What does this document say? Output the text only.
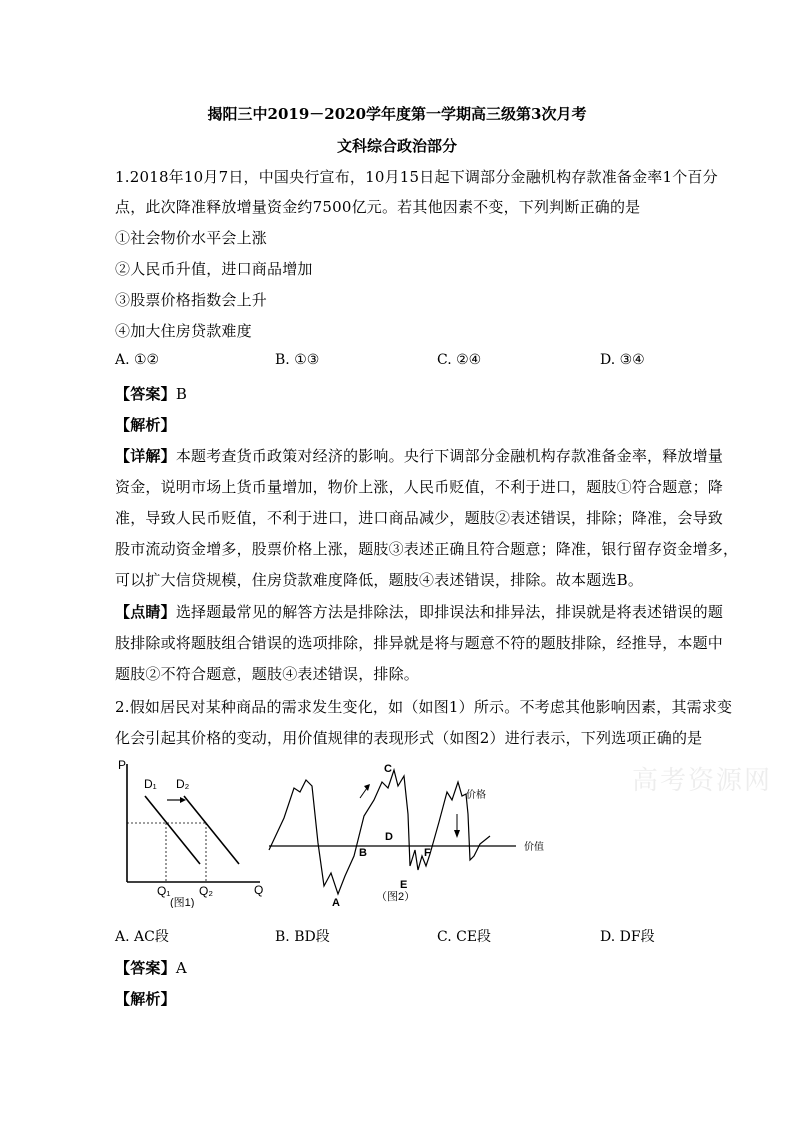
揭阳三中2019－2020学年度第一学期高三级第3次月考
文科综合政治部分
1.2018年10月7日，中国央行宣布，10月15日起下调部分金融机构存款准备金率1个百分
点，此次降准释放增量资金约7500亿元。若其他因素不变，下列判断正确的是
①社会物价水平会上涨
②人民币升值，进口商品增加
③股票价格指数会上升
④加大住房贷款难度
A. ①②	B. ①③	C. ②④	D. ③④
【答案】B
【解析】
【详解】本题考查货币政策对经济的影响。央行下调部分金融机构存款准备金率，释放增量
资金，说明市场上货币量增加，物价上涨，人民币贬值，不利于进口，题肢①符合题意；降
准，导致人民币贬值，不利于进口，进口商品减少，题肢②表述错误，排除；降准，会导致
股市流动资金增多，股票价格上涨，题肢③表述正确且符合题意；降准，银行留存资金增多，
可以扩大信贷规模，住房贷款难度降低，题肢④表述错误，排除。故本题选B。
【点睛】选择题最常见的解答方法是排除法，即排误法和排异法，排误就是将表述错误的题
肢排除或将题肢组合错误的选项排除，排异就是将与题意不符的题肢排除，经推导，本题中
题肢②不符合题意，题肢④表述错误，排除。
2.假如居民对某种商品的需求发生变化，如（如图1）所示。不考虑其他影响因素，其需求变
化会引起其价格的变动，用价值规律的表现形式（如图2）进行表示，下列选项正确的是
P
Q
D₁ D₂
Q₁ Q₂
(图1)	A
B
C
D
E
F
价格
价值
（图2）
高考资源网
A. AC段	B. BD段	C. CE段	D. DF段
【答案】A
【解析】
